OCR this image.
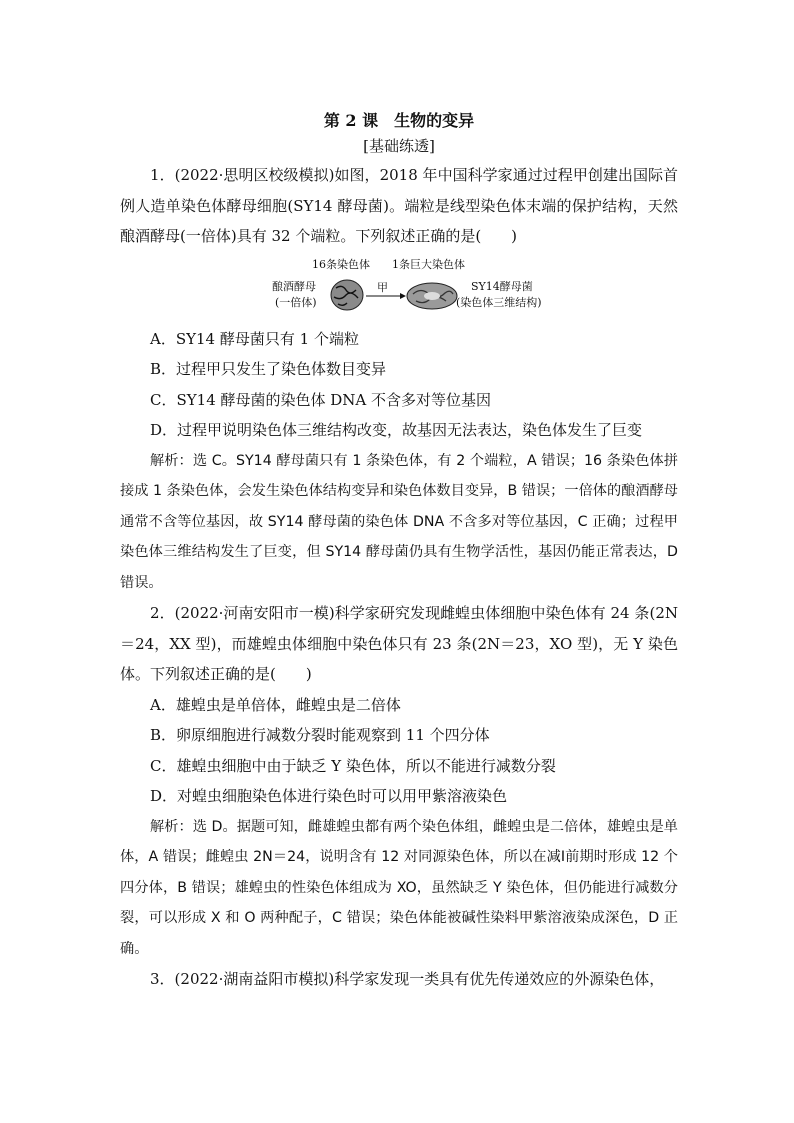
第 2 课　生物的变异
[基础练透]
1．(2022·思明区校级模拟)如图，2018 年中国科学家通过过程甲创建出国际首例人造单染色体酵母细胞(SY14 酵母菌)。端粒是线型染色体末端的保护结构，天然酿酒酵母(一倍体)具有 32 个端粒。下列叙述正确的是(　　)
16条染色体 1条巨大染色体
酿酒酵母
(一倍体)
甲	SY14酵母菌
(染色体三维结构)
A．SY14 酵母菌只有 1 个端粒
B．过程甲只发生了染色体数目变异
C．SY14 酵母菌的染色体 DNA 不含多对等位基因
D．过程甲说明染色体三维结构改变，故基因无法表达，染色体发生了巨变
解析：选 C。SY14 酵母菌只有 1 条染色体，有 2 个端粒，A 错误；16 条染色体拼接成 1 条染色体，会发生染色体结构变异和染色体数目变异，B 错误；一倍体的酿酒酵母通常不含等位基因，故 SY14 酵母菌的染色体 DNA 不含多对等位基因，C 正确；过程甲染色体三维结构发生了巨变，但 SY14 酵母菌仍具有生物学活性，基因仍能正常表达，D 错误。
2．(2022·河南安阳市一模)科学家研究发现雌蝗虫体细胞中染色体有 24 条(2N＝24，XX 型)，而雄蝗虫体细胞中染色体只有 23 条(2N＝23，XO 型)，无 Y 染色体。下列叙述正确的是(　　)
A．雄蝗虫是单倍体，雌蝗虫是二倍体
B．卵原细胞进行减数分裂时能观察到 11 个四分体
C．雄蝗虫细胞中由于缺乏 Y 染色体，所以不能进行减数分裂
D．对蝗虫细胞染色体进行染色时可以用甲紫溶液染色
解析：选 D。据题可知，雌雄蝗虫都有两个染色体组，雌蝗虫是二倍体，雄蝗虫是单体，A 错误；雌蝗虫 2N＝24，说明含有 12 对同源染色体，所以在减Ⅰ前期时形成 12 个四分体，B 错误；雄蝗虫的性染色体组成为 XO，虽然缺乏 Y 染色体，但仍能进行减数分裂，可以形成 X 和 O 两种配子，C 错误；染色体能被碱性染料甲紫溶液染成深色，D 正确。
3．(2022·湖南益阳市模拟)科学家发现一类具有优先传递效应的外源染色体，
